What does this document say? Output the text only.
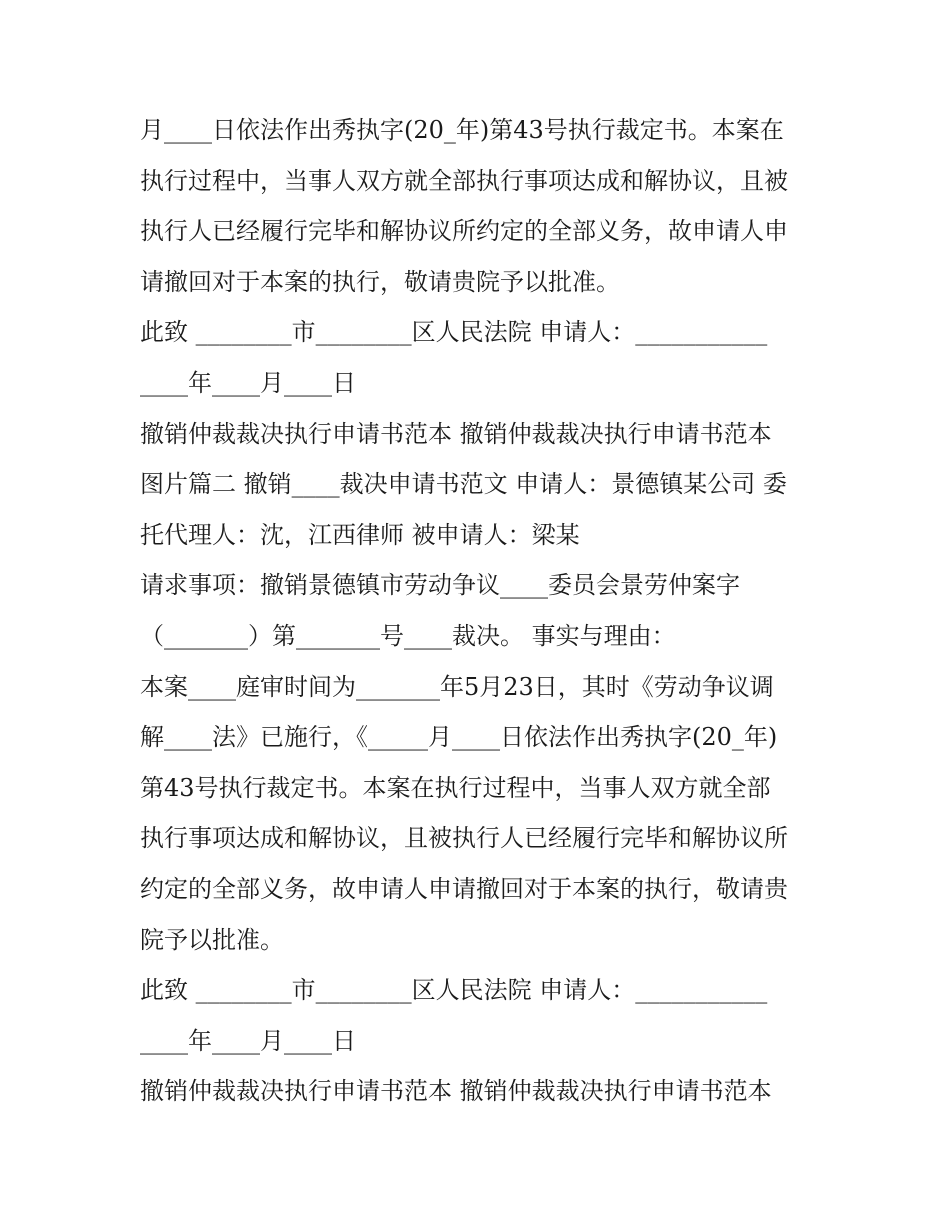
月____日依法作出秀执字(20_年)第43号执行裁定书。本案在
执行过程中，当事人双方就全部执行事项达成和解协议，且被
执行人已经履行完毕和解协议所约定的全部义务，故申请人申
请撤回对于本案的执行，敬请贵院予以批准。
此致 ________市________区人民法院 申请人：___________
____年____月____日
撤销仲裁裁决执行申请书范本 撤销仲裁裁决执行申请书范本
图片篇二 撤销____裁决申请书范文 申请人：景德镇某公司 委
托代理人：沈，江西律师 被申请人：梁某
请求事项：撤销景德镇市劳动争议____委员会景劳仲案字
（_______）第_______号____裁决。 事实与理由：
本案____庭审时间为_______年5月23日，其时《劳动争议调
解____法》已施行，《_____月____日依法作出秀执字(20_年)
第43号执行裁定书。本案在执行过程中，当事人双方就全部
执行事项达成和解协议，且被执行人已经履行完毕和解协议所
约定的全部义务，故申请人申请撤回对于本案的执行，敬请贵
院予以批准。
此致 ________市________区人民法院 申请人：___________
____年____月____日
撤销仲裁裁决执行申请书范本 撤销仲裁裁决执行申请书范本
